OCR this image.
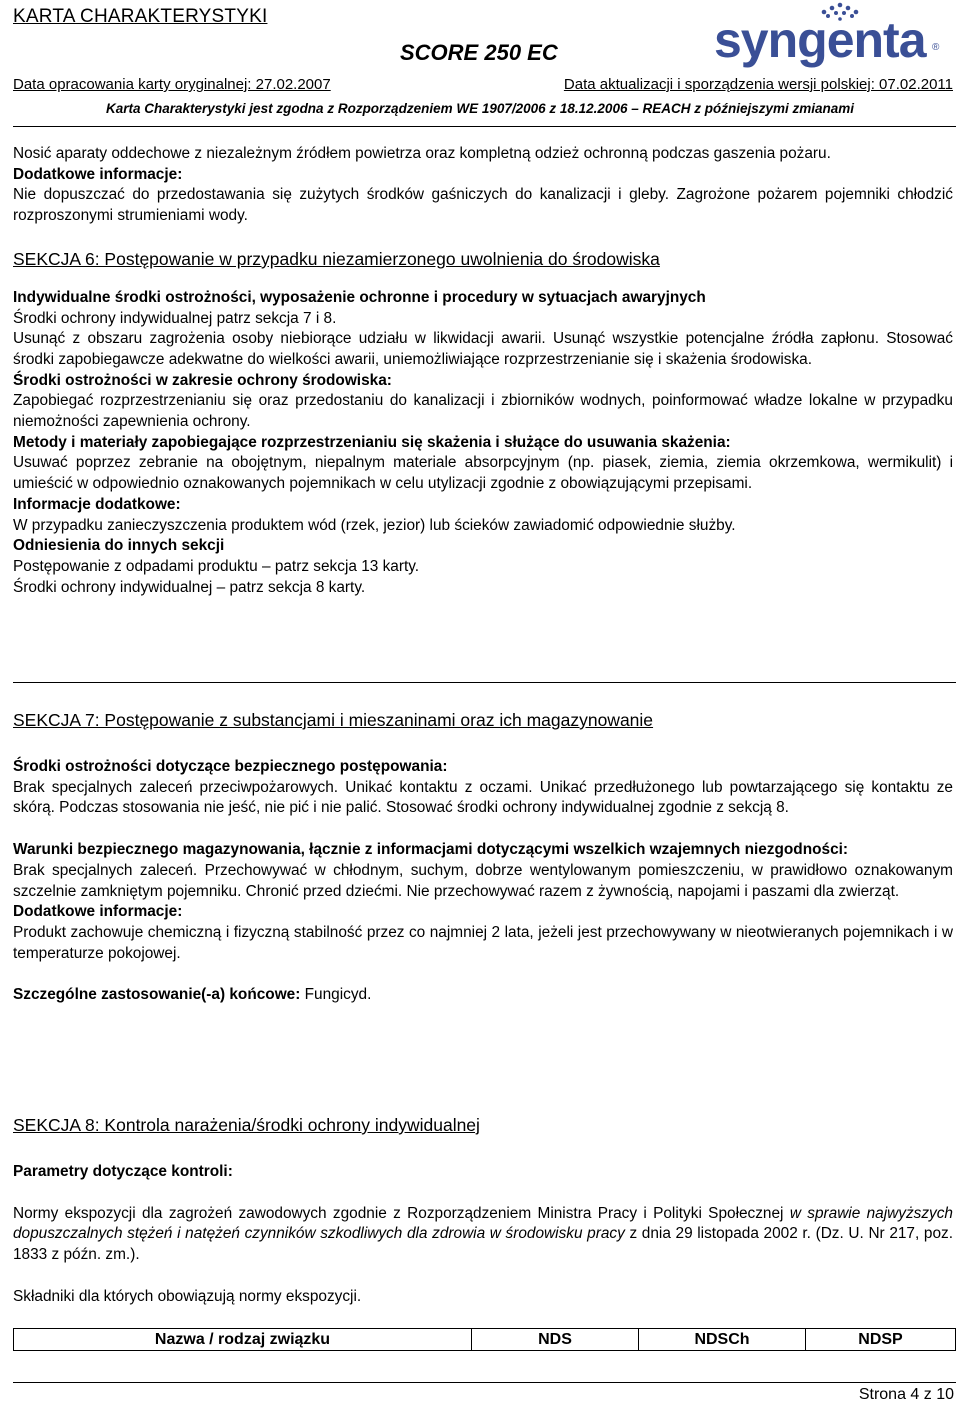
KARTA CHARAKTERYSTYKI
SCORE 250 EC	syngenta ®
Data opracowania karty oryginalnej: 27.02.2007	Data aktualizacji i sporządzenia wersji polskiej: 07.02.2011
Karta Charakterystyki jest zgodna z Rozporządzeniem WE 1907/2006 z 18.12.2006 – REACH z późniejszymi zmianami

Nosić aparaty oddechowe z niezależnym źródłem powietrza oraz kompletną odzież ochronną podczas gaszenia pożaru.

Dodatkowe informacje:

Nie dopuszczać do przedostawania się zużytych środków gaśniczych do kanalizacji i gleby. Zagrożone pożarem pojemniki chłodzić rozproszonymi strumieniami wody.

SEKCJA 6: Postępowanie w przypadku niezamierzonego uwolnienia do środowiska

Indywidualne środki ostrożności, wyposażenie ochronne i procedury w sytuacjach awaryjnych

Środki ochrony indywidualnej patrz sekcja 7 i 8.

Usunąć z obszaru zagrożenia osoby niebiorące udziału w likwidacji awarii. Usunąć wszystkie potencjalne źródła zapłonu. Stosować środki zapobiegawcze adekwatne do wielkości awarii, uniemożliwiające rozprzestrzenianie się i skażenia środowiska.

Środki ostrożności w zakresie ochrony środowiska:

Zapobiegać rozprzestrzenianiu się oraz przedostaniu do kanalizacji i zbiorników wodnych, poinformować władze lokalne w przypadku niemożności zapewnienia ochrony.

Metody i materiały zapobiegające rozprzestrzenianiu się skażenia i służące do usuwania skażenia:

Usuwać poprzez zebranie na obojętnym, niepalnym materiale absorpcyjnym (np. piasek, ziemia, ziemia okrzemkowa, wermikulit) i umieścić w odpowiednio oznakowanych pojemnikach w celu utylizacji zgodnie z obowiązującymi przepisami.

Informacje dodatkowe:

W przypadku zanieczyszczenia produktem wód (rzek, jezior) lub ścieków zawiadomić odpowiednie służby.

Odniesienia do innych sekcji

Postępowanie z odpadami produktu – patrz sekcja 13 karty.

Środki ochrony indywidualnej – patrz sekcja 8 karty.

SEKCJA 7: Postępowanie z substancjami i mieszaninami oraz ich magazynowanie

Środki ostrożności dotyczące bezpiecznego postępowania:

Brak specjalnych zaleceń przeciwpożarowych. Unikać kontaktu z oczami. Unikać przedłużonego lub powtarzającego się kontaktu ze skórą. Podczas stosowania nie jeść, nie pić i nie palić. Stosować środki ochrony indywidualnej zgodnie z sekcją 8.

Warunki bezpiecznego magazynowania, łącznie z informacjami dotyczącymi wszelkich wzajemnych niezgodności:

Brak specjalnych zaleceń. Przechowywać w chłodnym, suchym, dobrze wentylowanym pomieszczeniu, w prawidłowo oznakowanym szczelnie zamkniętym pojemniku. Chronić przed dziećmi. Nie przechowywać razem z żywnością, napojami i paszami dla zwierząt.

Dodatkowe informacje:

Produkt zachowuje chemiczną i fizyczną stabilność przez co najmniej 2 lata, jeżeli jest przechowywany w nieotwieranych pojemnikach i w temperaturze pokojowej.

Szczególne zastosowanie(-a) końcowe: Fungicyd.

SEKCJA 8: Kontrola narażenia/środki ochrony indywidualnej

Parametry dotyczące kontroli:

Normy ekspozycji dla zagrożeń zawodowych zgodnie z Rozporządzeniem Ministra Pracy i Polityki Społecznej w sprawie najwyższych dopuszczalnych stężeń i natężeń czynników szkodliwych dla zdrowia w środowisku pracy z dnia 29 listopada 2002 r. (Dz. U. Nr 217, poz. 1833 z późn. zm.).

Składniki dla których obowiązują normy ekspozycji.

Nazwa / rodzaj związku	NDS	NDSCh	NDSP
Strona 4 z 10
